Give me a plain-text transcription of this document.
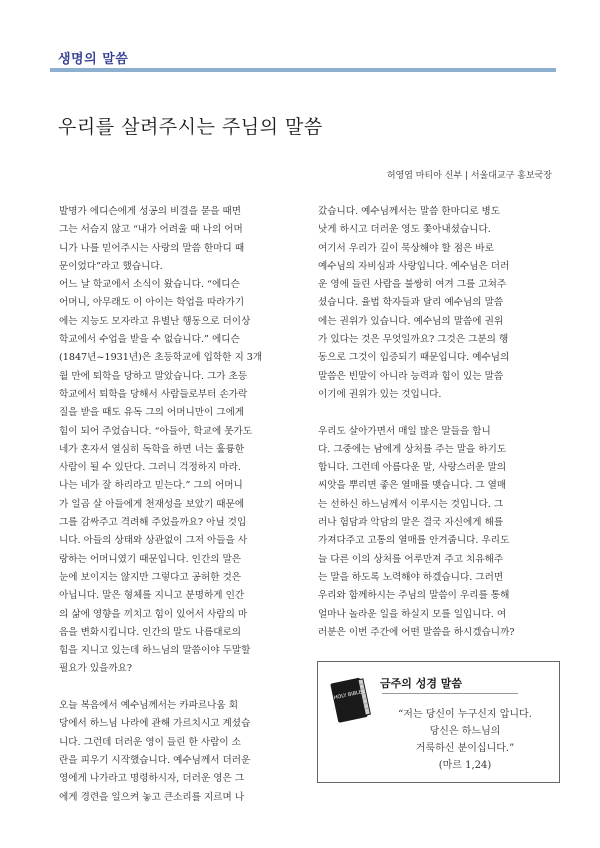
생명의 말씀
우리를 살려주시는 주님의 말씀
허영엽 마티아 신부 | 서울대교구 홍보국장
발명가 에디슨에게 성공의 비결을 묻을 때면
그는 서슴지 않고 “내가 어려울 때 나의 어머
니가 나를 믿어주시는 사랑의 말씀 한마디 때
문이었다”라고 했습니다.
어느 날 학교에서 소식이 왔습니다. “에디슨
어머니, 아무래도 이 아이는 학업을 따라가기
에는 지능도 모자라고 유별난 행동으로 더이상
학교에서 수업을 받을 수 없습니다.” 에디슨
(1847년~1931년)은 초등학교에 입학한 지 3개
월 만에 퇴학을 당하고 말았습니다. 그가 초등
학교에서 퇴학을 당해서 사람들로부터 손가락
질을 받을 때도 유독 그의 어머니만이 그에게
힘이 되어 주었습니다. “아들아, 학교에 못가도
네가 혼자서 열심히 독학을 하면 너는 훌륭한
사람이 될 수 있단다. 그러니 걱정하지 마라.
나는 네가 잘 하리라고 믿는다.” 그의 어머니
가 일곱 살 아들에게 천재성을 보았기 때문에
그를 감싸주고 격려해 주었을까요? 아닐 것입
니다. 아들의 상태와 상관없이 그저 아들을 사
랑하는 어머니였기 때문입니다. 인간의 말은
눈에 보이지는 않지만 그렇다고 공허한 것은
아닙니다. 말은 형체를 지니고 분명하게 인간
의 삶에 영향을 끼치고 힘이 있어서 사람의 마
음을 변화시킵니다. 인간의 말도 나름대로의
힘을 지니고 있는데 하느님의 말씀이야 두말할
필요가 있을까요?
오늘 복음에서 예수님께서는 카파르나움 회
당에서 하느님 나라에 관해 가르치시고 계셨습
니다. 그런데 더러운 영이 들린 한 사람이 소
란을 피우기 시작했습니다. 예수님께서 더러운
영에게 나가라고 명령하시자, 더러운 영은 그
에게 경련을 일으켜 놓고 큰소리를 지르며 나
갔습니다. 예수님께서는 말씀 한마디로 병도
낫게 하시고 더러운 영도 쫓아내셨습니다.
여기서 우리가 깊이 묵상해야 할 점은 바로
예수님의 자비심과 사랑입니다. 예수님은 더러
운 영에 들린 사람을 불쌍히 여겨 그를 고쳐주
셨습니다. 율법 학자들과 달리 예수님의 말씀
에는 권위가 있습니다. 예수님의 말씀에 권위
가 있다는 것은 무엇일까요? 그것은 그분의 행
동으로 그것이 입증되기 때문입니다. 예수님의
말씀은 빈말이 아니라 능력과 힘이 있는 말씀
이기에 권위가 있는 것입니다.
우리도 살아가면서 매일 많은 말들을 합니
다. 그중에는 남에게 상처를 주는 말을 하기도
합니다. 그런데 아름다운 말, 사랑스러운 말의
씨앗을 뿌리면 좋은 열매를 맺습니다. 그 열매
는 선하신 하느님께서 이루시는 것입니다. 그
러나 험담과 악담의 말은 결국 자신에게 해를
가져다주고 고통의 열매를 안겨줍니다. 우리도
늘 다른 이의 상처를 어루만져 주고 치유해주
는 말을 하도록 노력해야 하겠습니다. 그러면
우리와 함께하시는 주님의 말씀이 우리를 통해
얼마나 놀라운 일을 하실지 모를 일입니다. 여
러분은 이번 주간에 어떤 말씀을 하시겠습니까?
HOLY BIBLE
금주의 성경 말씀
“저는 당신이 누구신지 압니다.
당신은 하느님의
거룩하신 분이십니다.”
(마르 1,24)
